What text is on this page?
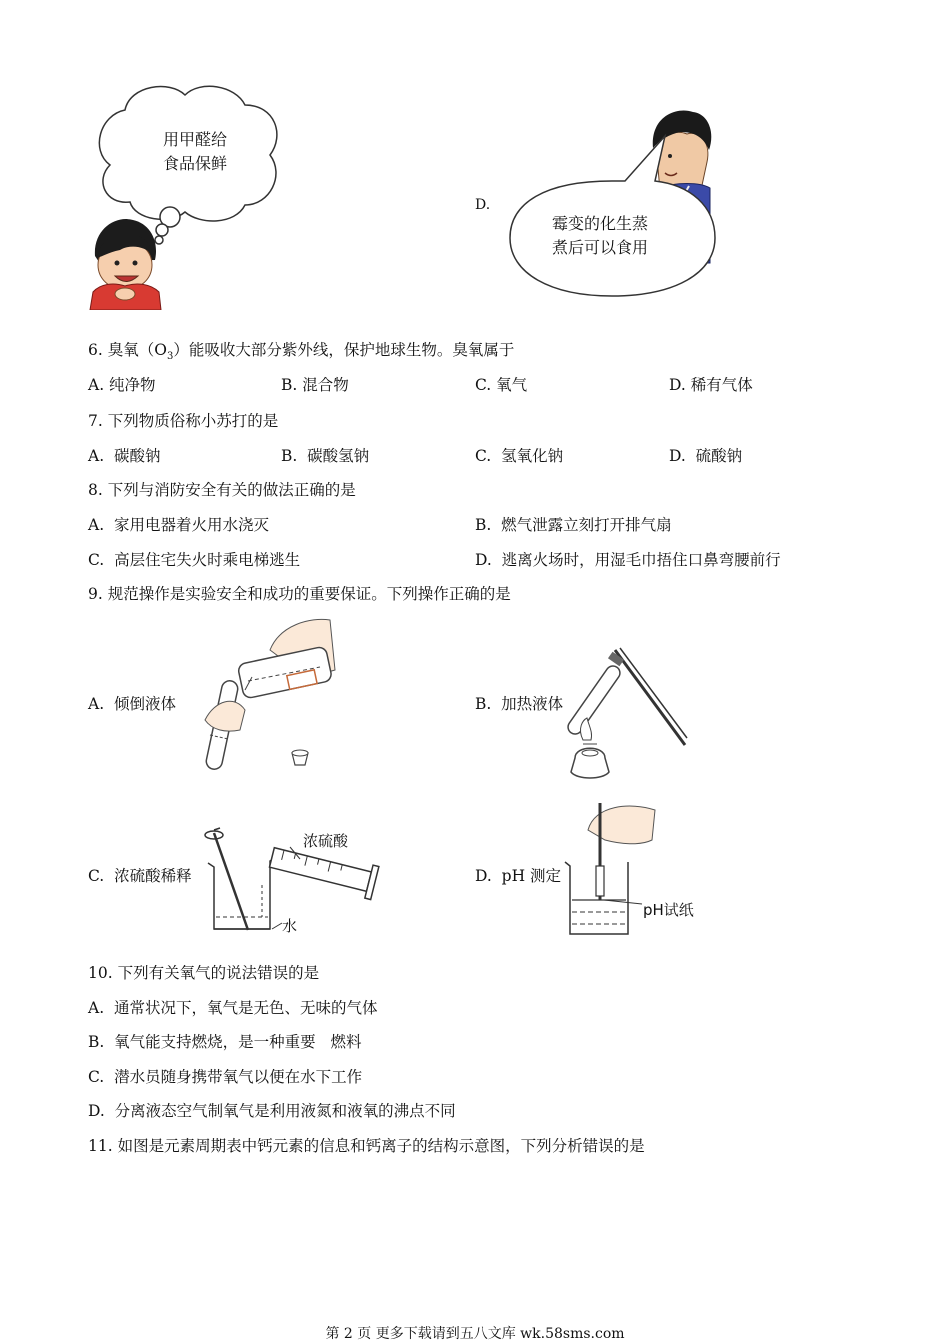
用甲醛给
食品保鲜
D.
霉变的化生蒸
煮后可以食用
6. 臭氧$(O_3)$能吸收大部分紫外线，保护地球生物。臭氧属于
A. 纯净物	B. 混合物	C. 氧气	D. 稀有气体
7. 下列物质俗称小苏打的是
A.  碳酸钠	B.  碳酸氢钠	C.  氢氧化钠	D.  硫酸钠
8. 下列与消防安全有关的做法正确的是
A.  家用电器着火用水浇灭	B.  燃气泄露立刻打开排气扇
C.  高层住宅失火时乘电梯逃生	D.  逃离火场时，用湿毛巾捂住口鼻弯腰前行
9. 规范操作是实验安全和成功的重要保证。下列操作正确的是
A.  倾倒液体	B.  加热液体
C.  浓硫酸稀释
浓硫酸
水
D.  pH 测定
pH试纸
10. 下列有关氧气的说法错误的是
A.  通常状况下，氧气是无色、无味的气体
B.  氧气能支持燃烧，是一种重要   燃料
C.  潜水员随身携带氧气以便在水下工作
D.  分离液态空气制氧气是利用液氮和液氧的沸点不同
11. 如图是元素周期表中钙元素的信息和钙离子的结构示意图，下列分析错误的是
第 2 页 更多下载请到五八文库 wk.58sms.com
